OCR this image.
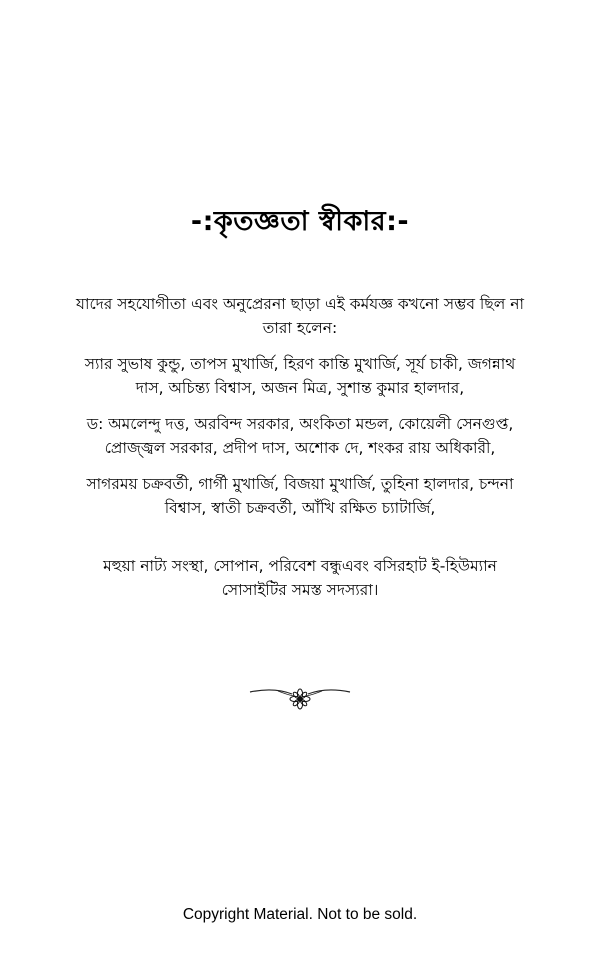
-:কৃতজ্ঞতা স্বীকার:-

যাদের সহযোগীতা এবং অনুপ্রেরনা ছাড়া এই কর্মযজ্ঞ কখনো সম্ভব ছিল না তারা হলেন:

স্যার সুভাষ কুন্ডু, তাপস মুখার্জি, হিরণ কান্তি মুখার্জি, সূর্য চাকী, জগন্নাথ দাস, অচিন্ত্য বিশ্বাস, অজন মিত্র, সুশান্ত কুমার হালদার,

ড: অমলেন্দু দত্ত, অরবিন্দ সরকার, অংকিতা মন্ডল, কোয়েলী সেনগুপ্ত, প্রোজ্জ্বল সরকার, প্রদীপ দাস, অশোক দে, শংকর রায় অধিকারী,

সাগরময় চক্রবর্তী, গার্গী মুখার্জি, বিজয়া মুখার্জি, তুহিনা হালদার, চন্দনা বিশ্বাস, স্বাতী চক্রবর্তী, আঁখি রক্ষিত চ্যাটার্জি,

মহুয়া নাট্য সংস্থা, সোপান, পরিবেশ বন্ধুএবং বসিরহাট ই-হিউম্যান সোসাইটির সমস্ত সদস্যরা।

Copyright Material. Not to be sold.
